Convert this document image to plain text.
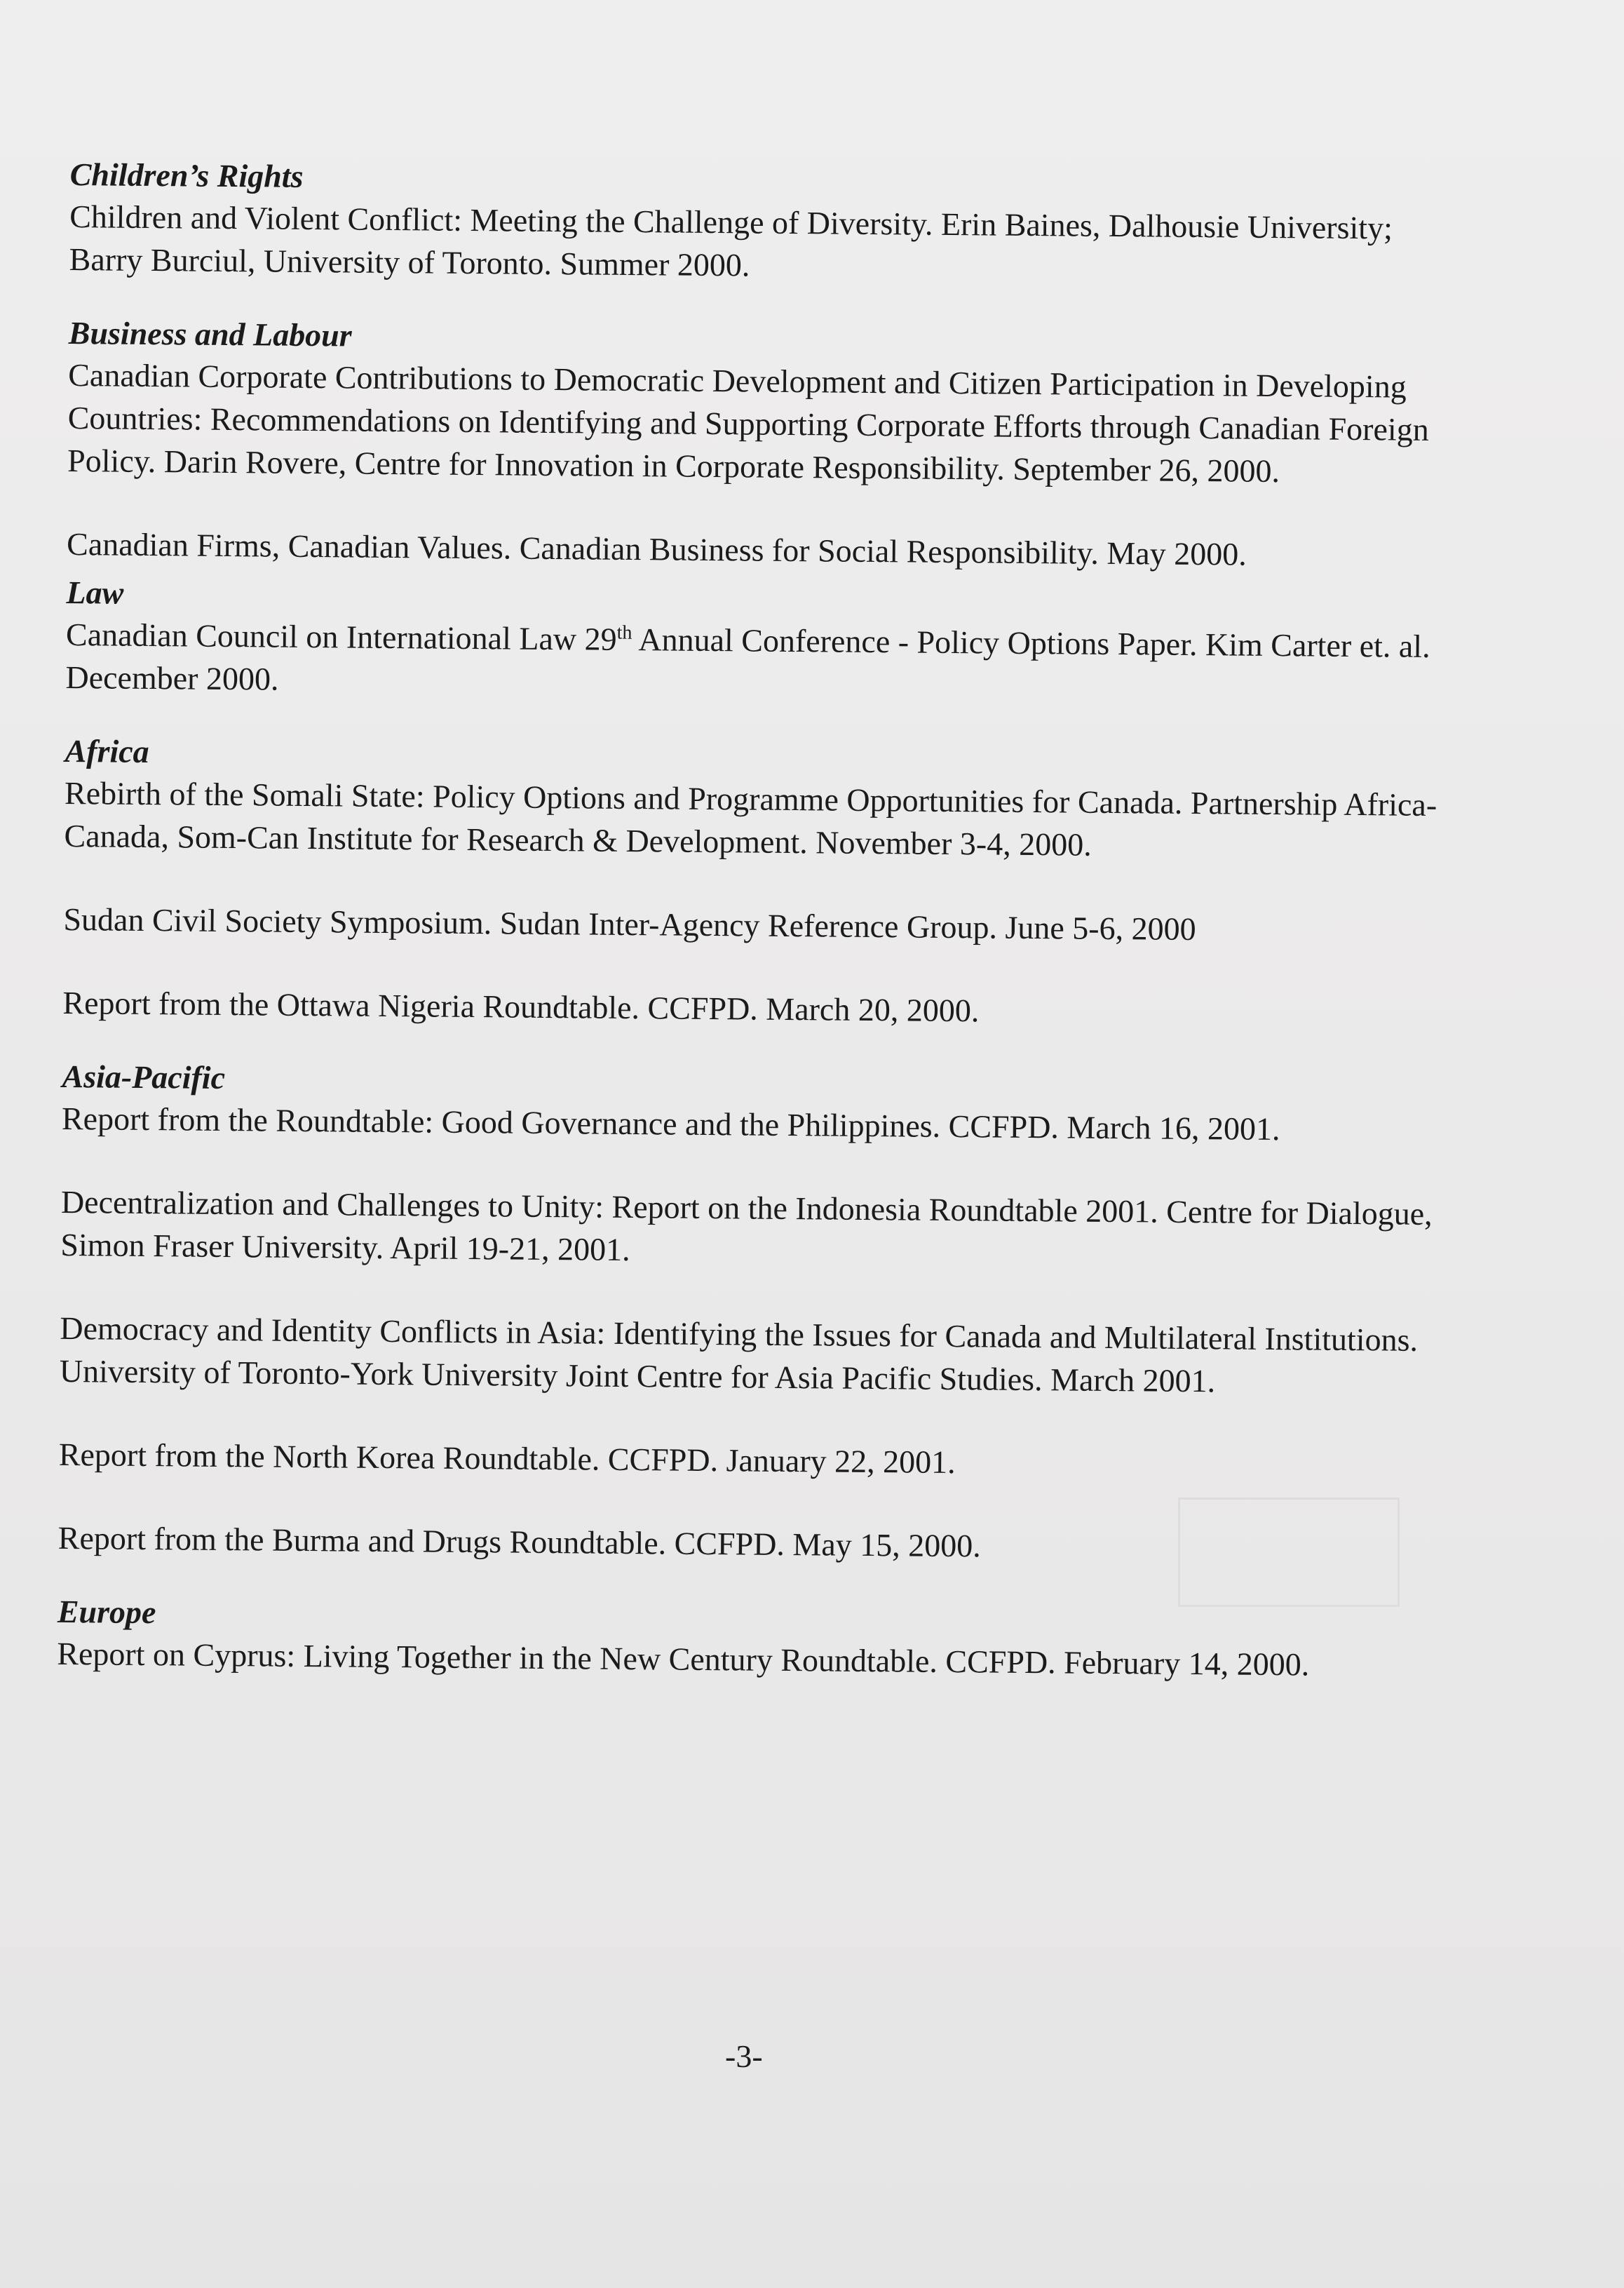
Children’s Rights

Children and Violent Conflict: Meeting the Challenge of Diversity. Erin Baines, Dalhousie University; Barry Burciul, University of Toronto. Summer 2000.

Business and Labour

Canadian Corporate Contributions to Democratic Development and Citizen Participation in Developing Countries: Recommendations on Identifying and Supporting Corporate Efforts through Canadian Foreign Policy. Darin Rovere, Centre for Innovation in Corporate Responsibility. September 26, 2000.

Canadian Firms, Canadian Values. Canadian Business for Social Responsibility. May 2000.

Law

Canadian Council on International Law 29th Annual Conference - Policy Options Paper. Kim Carter et. al. December 2000.

Africa

Rebirth of the Somali State: Policy Options and Programme Opportunities for Canada. Partnership Africa-Canada, Som-Can Institute for Research & Development. November 3-4, 2000.

Sudan Civil Society Symposium. Sudan Inter-Agency Reference Group. June 5-6, 2000

Report from the Ottawa Nigeria Roundtable. CCFPD. March 20, 2000.

Asia-Pacific

Report from the Roundtable: Good Governance and the Philippines. CCFPD. March 16, 2001.

Decentralization and Challenges to Unity: Report on the Indonesia Roundtable 2001. Centre for Dialogue, Simon Fraser University. April 19-21, 2001.

Democracy and Identity Conflicts in Asia: Identifying the Issues for Canada and Multilateral Institutions. University of Toronto-York University Joint Centre for Asia Pacific Studies. March 2001.

Report from the North Korea Roundtable. CCFPD. January 22, 2001.

Report from the Burma and Drugs Roundtable. CCFPD. May 15, 2000.

Europe

Report on Cyprus: Living Together in the New Century Roundtable. CCFPD. February 14, 2000.

-3-
